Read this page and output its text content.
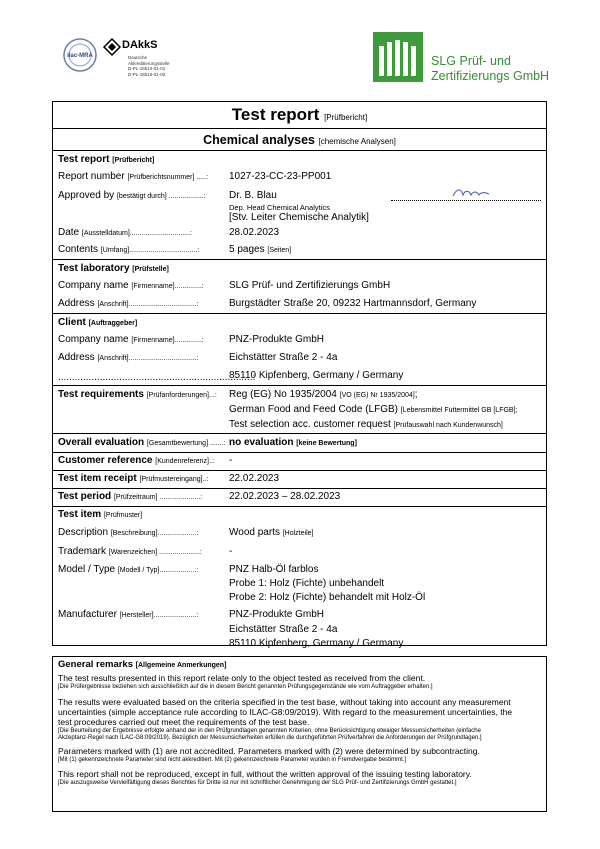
ilac-MRA
DAkkS
Deutsche
Akkreditierungsstelle
D-PL-15510-01-01
D-PL-15510-01-02
SLG Prüf- und
Zertifizierungs GmbH
Test report [Prüfbericht]
Chemical analyses [chemische Analysen]
Test report [Prüfbericht]
Report number [Prüfberichtsnummer] .....: 1027-23-CC-23-PP001
Approved by [bestätigt durch] ..................: Dr. B. Blau
Dep. Head Chemical Analytics
[Stv. Leiter Chemische Analytik]
Date [Ausstelldatum]...............................:	28.02.2023
Contents [Umfang]...................................:	5 pages [Seiten]
Test laboratory [Prüfstelle]
Company name [Firmenname]..............:	SLG Prüf- und Zertifizierungs GmbH
Address [Anschrift]...................................:	Burgstädter Straße 20, 09232 Hartmannsdorf, Germany
Client [Auftraggeber]
Company name [Firmenname]..............:	PNZ-Produkte GmbH
Address [Anschrift]...................................:	Eichstätter Straße 2 - 4a
......................................................................:
85110 Kipfenberg, Germany / Germany
Test requirements [Prüfanforderungen]...: Reg (EG) No 1935/2004 [VO (EG) Nr 1935/2004];
German Food and Feed Code (LFGB) [Lebensmittel Futtermittel GB [LFGB];
Test selection acc. customer request [Prüfauswahl nach Kundenwunsch]
Overall evaluation [Gesamtbewertung] .......: no evaluation [keine Bewertung]
Customer reference [Kundenreferenz]..: -
Test item receipt [Prüfmustereingang]..: 22.02.2023
Test period [Prüfzeitraum] .....................:	22.02.2023 – 28.02.2023
Test item [Prüfmuster]
Description [Beschreibung]....................:	Wood parts [Holzteile]
Trademark [Warenzeichen] .....................:	-
Model / Type [Modell / Typ]...................:	PNZ Halb-Öl farblos
Probe 1: Holz (Fichte) unbehandelt
Probe 2: Holz (Fichte) behandelt mit Holz-Öl
Manufacturer [Hersteller]......................:	PNZ-Produkte GmbH
Eichstätter Straße 2 - 4a
85110 Kipfenberg, Germany / Germany
General remarks [Allgemeine Anmerkungen]
The test results presented in this report relate only to the object tested as received from the client.
[Die Prüfergebnisse beziehen sich ausschließlich auf die in diesem Bericht genannten Prüfungsgegenstände wie vom Auftraggeber erhalten.]
The results were evaluated based on the criteria specified in the test base, without taking into account any measurement
uncertainties (simple acceptance rule according to ILAC-G8:09/2019). With regard to the measurement uncertainties, the
test procedures carried out meet the requirements of the test base.
[Die Beurteilung der Ergebnisse erfolgte anhand der in den Prüfgrundlagen genannten Kriterien, ohne Berücksichtigung etwaiger Messunsicherheiten (einfache
Akzeptanz-Regel nach ILAC-G8:09/2019). Bezüglich der Messunsicherheiten erfüllen die durchgeführten Prüfverfahren die Anforderungen der Prüfgrundlagen.]
Parameters marked with (1) are not accredited. Parameters marked with (2) were determined by subcontracting.
[Mit (1) gekennzeichnete Parameter sind nicht akkreditiert. Mit (2) gekennzeichnete Parameter wurden in Fremdvergabe bestimmt.]
This report shall not be reproduced, except in full, without the written approval of the issuing testing laboratory.
[Die auszugsweise Vervielfältigung dieses Berichtes für Dritte ist nur mit schriftlicher Genehmigung der SLG Prüf- und Zertifizierungs GmbH gestattet.]
